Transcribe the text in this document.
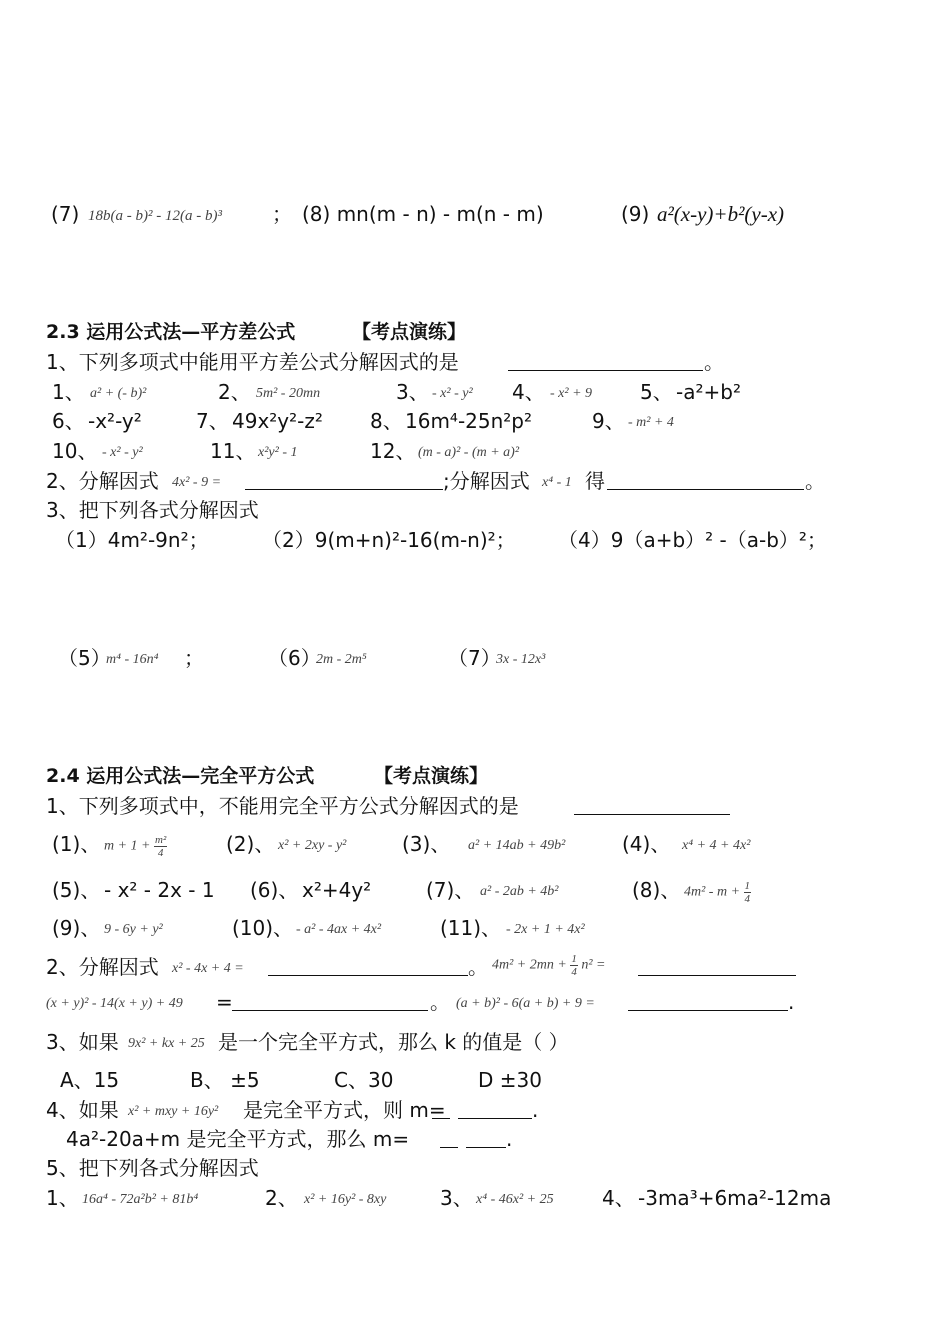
(7) 18b(a - b)² - 12(a - b)³	； (8) mn(m - n) - m(n - m)	(9) a²(x-y)+b²(y-x)
2.3 运用公式法—平方差公式	【考点演练】
1、下列多项式中能用平方差公式分解因式的是	。
1、 a² + (- b)²	2、 5m² - 20mn	3、 - x² - y² 4、 - x² + 9 5、 -a²+b²
6、 -x²-y²	7、 49x²y²-z² 8、 16m⁴-25n²p²	9、 - m² + 4
10、 - x² - y²	11、 x²y² - 1	12、 (m - a)² - (m + a)²
2、分解因式 4x² - 9 =	;分解因式 x⁴ - 1 得	。
3、把下列各式分解因式
（1）4m²-9n²；	（2）9(m+n)²-16(m-n)²； （4）9（a+b）² -（a-b）²；
（5）
m⁴ - 16n⁴ ；	（6）
2m - 2m⁵	（7）
3x - 12x³
2.4 运用公式法—完全平方公式	【考点演练】
1、下列多项式中，不能用完全平方公式分解因式的是
(1)、 $m + 1 + \frac{\text{m²}}{4}$	(2)、 x² + 2xy - y²	(3)、 a² + 14ab + 49b²	(4)、 x⁴ + 4 + 4x²
(5)、 - x² - 2x - 1 (6)、 x²+4y²	(7)、 a² - 2ab + 4b²	(8)、 $4m^2 - m + \frac{1}{4}$
(9)、 9 - 6y + y²	(10)、 - a² - 4ax + 4x²	(11)、 - 2x + 1 + 4x²
2、分解因式 x² - 4x + 4 =	。 $4m^2 + 2mn + \frac{1}{4} n^2$ =
(x + y)² - 14(x + y) + 49 =	。 (a + b)² - 6(a + b) + 9 =	.
3、如果 9x² + kx + 25 是一个完全平方式，那么 k 的值是（ ）
A、15	B、 ±5	C、30	D ±30
4、如果 x² + mxy + 16y² 是完全平方式，则 m=	.
4a²-20a+m 是完全平方式，那么 m=	.
5、把下列各式分解因式
1、 16a⁴ - 72a²b² + 81b⁴	2、 x² + 16y² - 8xy	3、 x⁴ - 46x² + 25 4、 -3ma³+6ma²-12ma
